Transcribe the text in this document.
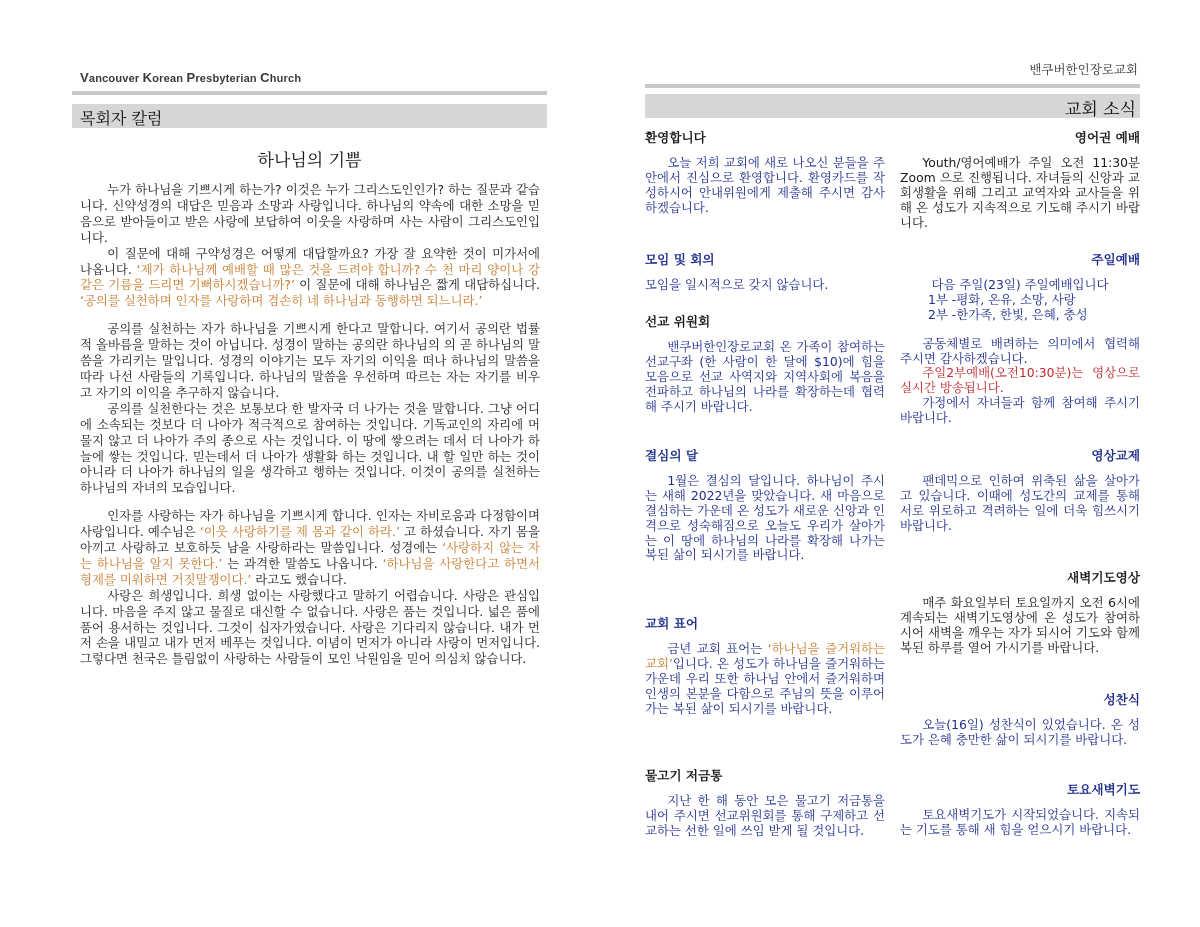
Vancouver Korean Presbyterian Church
목회자 칼럼
하나님의 기쁨

누가 하나님을 기쁘시게 하는가? 이것은 누가 그리스도인인가? 하는 질문과 같습니다. 신약성경의 대답은 믿음과 소망과 사랑입니다. 하나님의 약속에 대한 소망을 믿음으로 받아들이고 받은 사랑에 보답하여 이웃을 사랑하며 사는 사람이 그리스도인입니다.

이 질문에 대해 구약성경은 어떻게 대답할까요? 가장 잘 요약한 것이 미가서에 나옵니다. ‘제가 하나님께 예배할 때 많은 것을 드려야 합니까? 수 천 마리 양이나 강 같은 기름을 드리면 기뻐하시겠습니까?’ 이 질문에 대해 하나님은 짧게 대답하십니다. ‘공의를 실천하며 인자를 사랑하며 겸손히 네 하나님과 동행하면 되느니라.’

공의를 실천하는 자가 하나님을 기쁘시게 한다고 말합니다. 여기서 공의란 법률적 올바름을 말하는 것이 아닙니다. 성경이 말하는 공의란 하나님의 의 곧 하나님의 말씀을 가리키는 말입니다. 성경의 이야기는 모두 자기의 이익을 떠나 하나님의 말씀을 따라 나선 사람들의 기록입니다. 하나님의 말씀을 우선하며 따르는 자는 자기를 비우고 자기의 이익을 추구하지 않습니다.

공의를 실천한다는 것은 보통보다 한 발자국 더 나가는 것을 말합니다. 그냥 어디에 소속되는 것보다 더 나아가 적극적으로 참여하는 것입니다. 기독교인의 자리에 머물지 않고 더 나아가 주의 종으로 사는 것입니다. 이 땅에 쌓으려는 데서 더 나아가 하늘에 쌓는 것입니다. 믿는데서 더 나아가 생활화 하는 것입니다. 내 할 일만 하는 것이 아니라 더 나아가 하나님의 일을 생각하고 행하는 것입니다. 이것이 공의를 실천하는 하나님의 자녀의 모습입니다.

인자를 사랑하는 자가 하나님을 기쁘시게 합니다. 인자는 자비로움과 다정함이며 사랑입니다. 예수님은 ‘이웃 사랑하기를 제 몸과 같이 하라.’ 고 하셨습니다. 자기 몸을 아끼고 사랑하고 보호하듯 남을 사랑하라는 말씀입니다. 성경에는 ‘사랑하지 않는 자는 하나님을 알지 못한다.’ 는 과격한 말씀도 나옵니다. ‘하나님을 사랑한다고 하면서 형제를 미워하면 거짓말쟁이다.’ 라고도 했습니다.

사랑은 희생입니다. 희생 없이는 사랑했다고 말하기 어렵습니다. 사랑은 관심입니다. 마음을 주지 않고 물질로 대신할 수 없습니다. 사랑은 품는 것입니다. 넓은 품에 품어 용서하는 것입니다. 그것이 십자가였습니다. 사랑은 기다리지 않습니다. 내가 먼저 손을 내밀고 내가 먼저 베푸는 것입니다. 이념이 먼저가 아니라 사랑이 먼저입니다. 그렇다면 천국은 틀림없이 사랑하는 사람들이 모인 낙원임을 믿어 의심치 않습니다.

밴쿠버한인장로교회
교회 소식
환영합니다

오늘 저희 교회에 새로 나오신 분들을 주 안에서 진심으로 환영합니다. 환영카드를 작성하시어 안내위원에게 제출해 주시면 감사하겠습니다.

모임 및 회의

모임을 일시적으로 갖지 않습니다.

선교 위원회

밴쿠버한인장로교회 온 가족이 참여하는 선교구좌 (한 사람이 한 달에 $10)에 힘을 모음으로 선교 사역지와 지역사회에 복음을 전파하고 하나님의 나라를 확장하는데 협력해 주시기 바랍니다.

결심의 달

1월은 결심의 달입니다. 하나님이 주시는 새해 2022년을 맞았습니다. 새 마음으로 결심하는 가운데 온 성도가 새로운 신앙과 인격으로 성숙해짐으로 오늘도 우리가 살아가는 이 땅에 하나님의 나라를 확장해 나가는 복된 삶이 되시기를 바랍니다.

교회 표어

금년 교회 표어는 ‘하나님을 즐거워하는 교회’입니다. 온 성도가 하나님을 즐거워하는 가운데 우리 또한 하나님 안에서 즐거워하며 인생의 본분을 다함으로 주님의 뜻을 이루어가는 복된 삶이 되시기를 바랍니다.

물고기 저금통

지난 한 해 동안 모은 물고기 저금통을 내어 주시면 선교위원회를 통해 구제하고 선교하는 선한 일에 쓰임 받게 될 것입니다.

영어권 예배

Youth/영어예배가 주일 오전 11:30분 Zoom 으로 진행됩니다. 자녀들의 신앙과 교회생활을 위해 그리고 교역자와 교사들을 위해 온 성도가 지속적으로 기도해 주시기 바랍니다.

주일예배

다음 주일(23일) 주일예배입니다

1부 -평화, 온유, 소망, 사랑

2부 -한가족, 한빛, 은혜, 충성

공동체별로 배려하는 의미에서 협력해 주시면 감사하겠습니다.

주일2부예배(오전10:30분)는 영상으로 실시간 방송됩니다.

가정에서 자녀들과 함께 참여해 주시기 바랍니다.

영상교제

팬데믹으로 인하여 위축된 삶을 살아가고 있습니다. 이때에 성도간의 교제를 통해 서로 위로하고 격려하는 일에 더욱 힘쓰시기 바랍니다.

새벽기도영상

매주 화요일부터 토요일까지 오전 6시에 계속되는 새벽기도영상에 온 성도가 참여하시어 새벽을 깨우는 자가 되시어 기도와 함께 복된 하루를 열어 가시기를 바랍니다.

성찬식

오늘(16일) 성찬식이 있었습니다. 온 성도가 은혜 충만한 삶이 되시기를 바랍니다.

토요새벽기도

토요새벽기도가 시작되었습니다. 지속되는 기도를 통해 새 힘을 얻으시기 바랍니다.
